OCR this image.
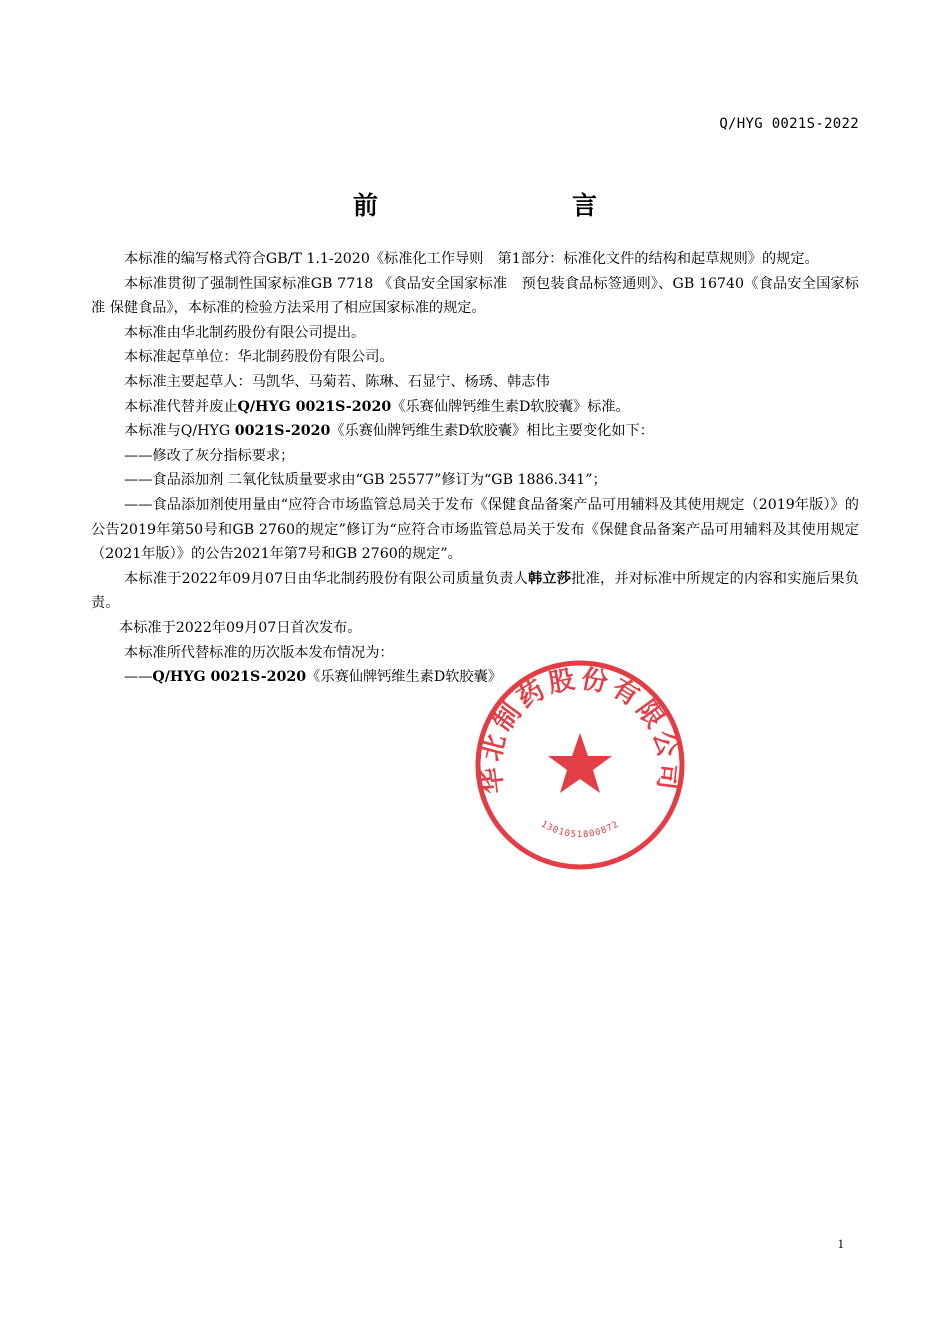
Q/HYG 0021S-2022
前　　言

本标准的编写格式符合GB/T 1.1-2020《标准化工作导则　第1部分：标准化文件的结构和起草规则》的规定。

本标准贯彻了强制性国家标准GB 7718 《食品安全国家标准　预包装食品标签通则》、GB 16740《食品安全国家标准 保健食品》，本标准的检验方法采用了相应国家标准的规定。

本标准由华北制药股份有限公司提出。

本标准起草单位：华北制药股份有限公司。

本标准主要起草人：马凯华、马菊若、陈琳、石显宁、杨琇、韩志伟

本标准代替并废止Q/HYG 0021S-2020《乐赛仙牌钙维生素D软胶囊》标准。

本标准与Q/HYG 0021S-2020《乐赛仙牌钙维生素D软胶囊》相比主要变化如下：

——修改了灰分指标要求；

——食品添加剂 二氧化钛质量要求由“GB 25577”修订为“GB 1886.341”；

——食品添加剂使用量由“应符合市场监管总局关于发布《保健食品备案产品可用辅料及其使用规定（2019年版）》的公告2019年第50号和GB 2760的规定”修订为“应符合市场监管总局关于发布《保健食品备案产品可用辅料及其使用规定（2021年版）》的公告2021年第7号和GB 2760的规定”。

本标准于2022年09月07日由华北制药股份有限公司质量负责人韩立莎批准，并对标准中所规定的内容和实施后果负责。

本标准于2022年09月07日首次发布。

本标准所代替标准的历次版本发布情况为：

——Q/HYG 0021S-2020《乐赛仙牌钙维生素D软胶囊》

华北制药股份有限公司
1301051800872
1
